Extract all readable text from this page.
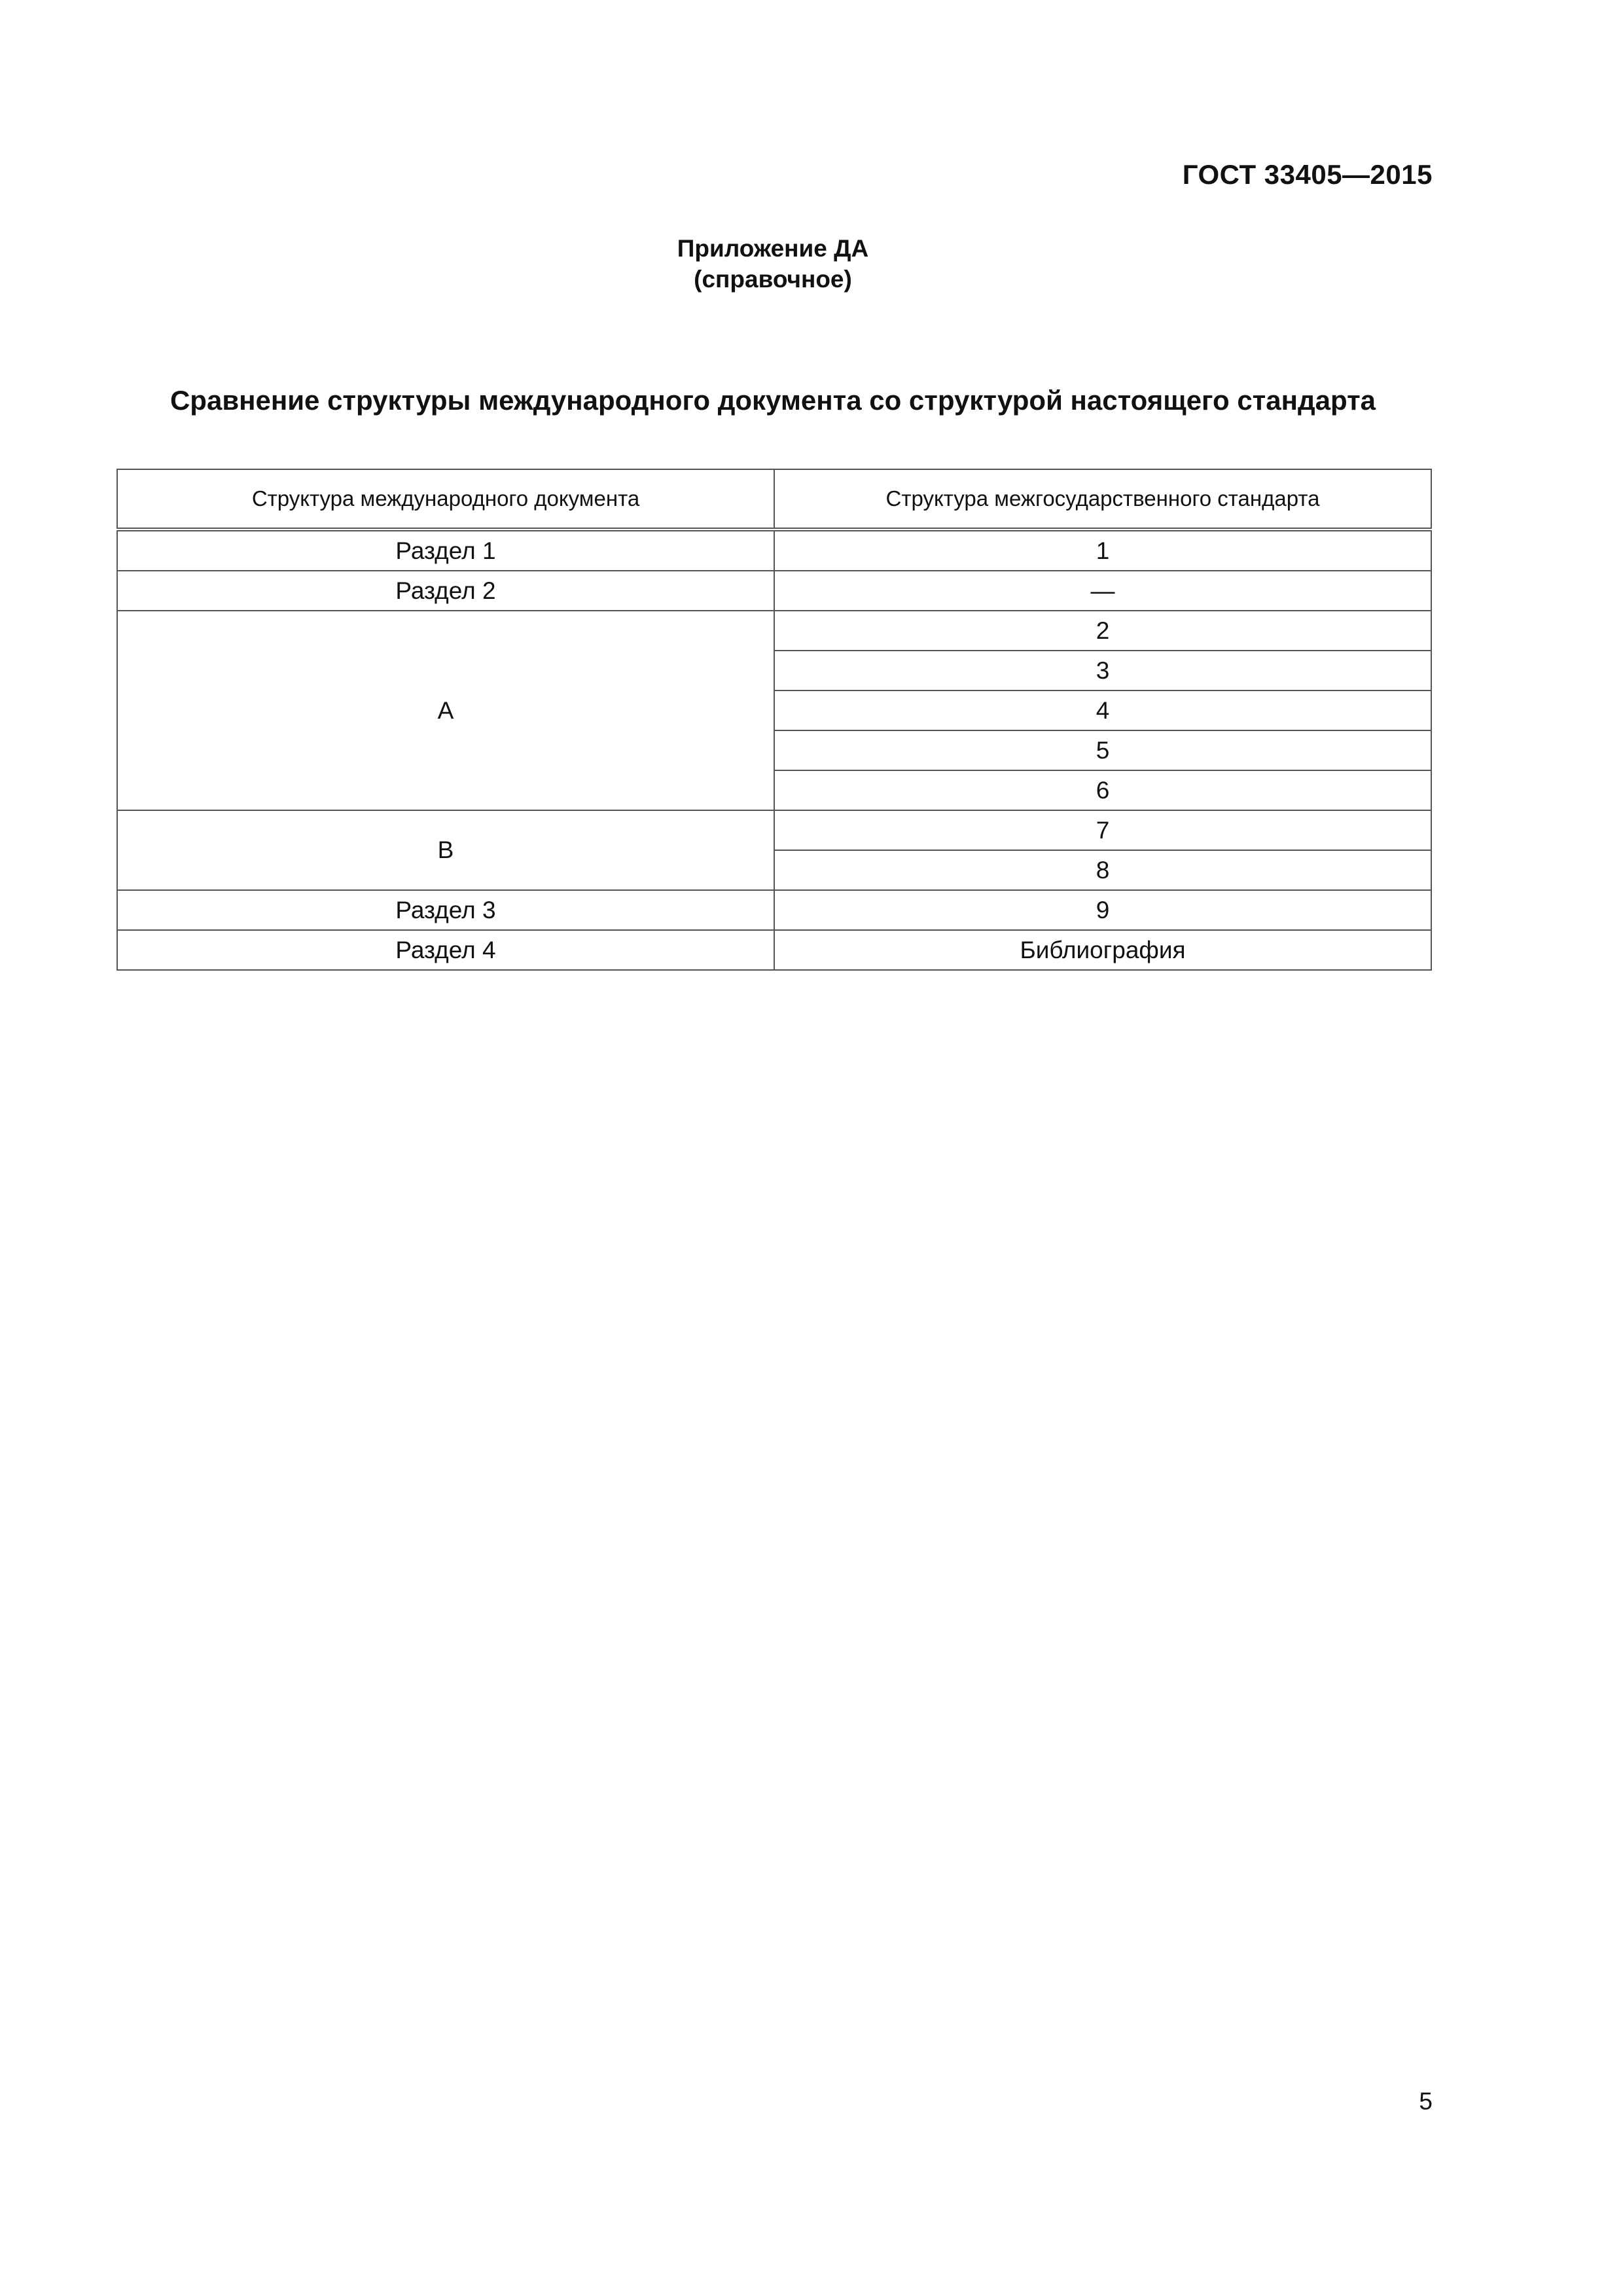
ГОСТ 33405—2015
Приложение ДА
(справочное)
Сравнение структуры международного документа со структурой настоящего стандарта
Структура международного документа	Структура межгосударственного стандарта
Раздел 1	1
Раздел 2	—
А	2
	3
	4
	5
	6
В	7
	8
Раздел 3	9
Раздел 4	Библиография
5
